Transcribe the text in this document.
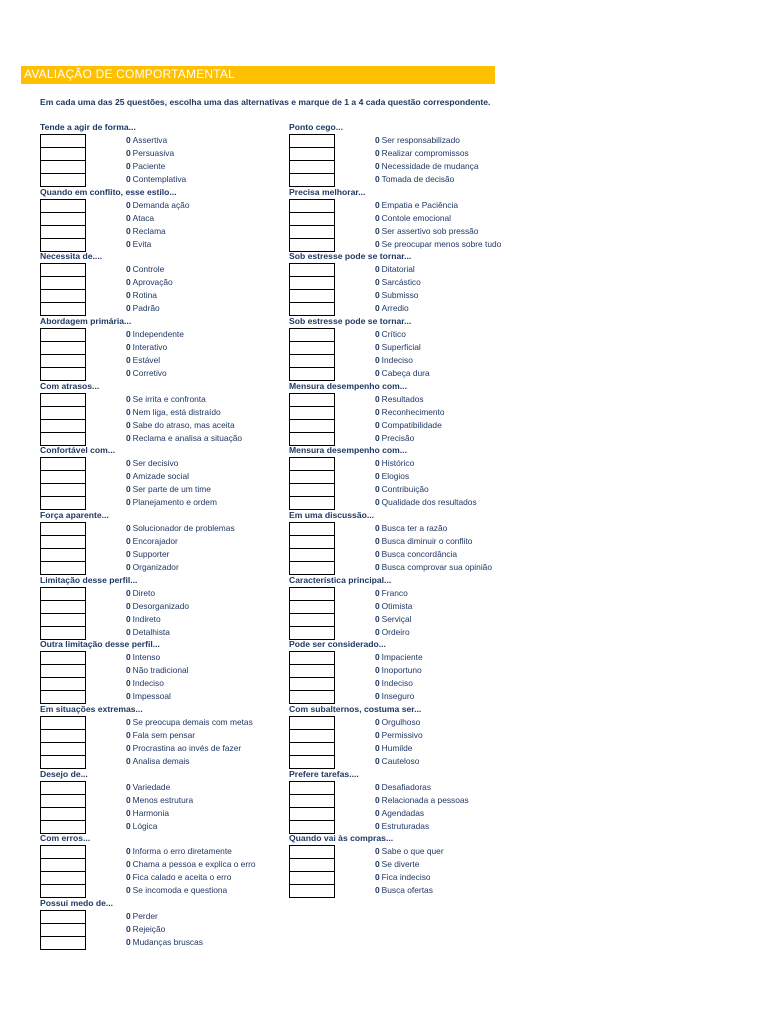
AVALIAÇÃO DE COMPORTAMENTAL
Em cada uma das 25 questões, escolha uma das alternativas e marque de 1 a 4 cada questão correspondente.
Tende a agir de forma...
0 Assertiva
0 Persuasiva
0 Paciente
0 Contemplativa
Quando em conflito, esse estilo...
0 Demanda ação
0 Ataca
0 Reclama
0 Evita
Necessita de....
0 Controle
0 Aprovação
0 Rotina
0 Padrão
Abordagem primária...
0 Independente
0 Interativo
0 Estável
0 Corretivo
Com atrasos...
0 Se irrita e confronta
0 Nem liga, está distraído
0 Sabe do atraso, mas aceita
0 Reclama e analisa a situação
Confortável com...
0 Ser decisivo
0 Amizade social
0 Ser parte de um time
0 Planejamento e ordem
Força aparente...
0 Solucionador de problemas
0 Encorajador
0 Supporter
0 Organizador
Limitação desse perfil...
0 Direto
0 Desorganizado
0 Indireto
0 Detalhista
Outra limitação desse perfil...
0 Intenso
0 Não tradicional
0 Indeciso
0 Impessoal
Em situações extremas...
0 Se preocupa demais com metas
0 Fala sem pensar
0 Procrastina ao invés de fazer
0 Analisa demais
Desejo de...
0 Variedade
0 Menos estrutura
0 Harmonia
0 Lógica
Com erros...
0 Informa o erro diretamente
0 Chama a pessoa e explica o erro
0 Fica calado e aceita o erro
0 Se incomoda e questiona
Possui medo de...
0 Perder
0 Rejeição
0 Mudanças bruscas
Ponto cego...
0 Ser responsabilizado
0 Realizar compromissos
0 Necessidade de mudança
0 Tomada de decisão
Precisa melhorar...
0 Empatia e Paciência
0 Contole emocional
0 Ser assertivo sob pressão
0 Se preocupar menos sobre tudo
Sob estresse pode se tornar...
0 Ditatorial
0 Sarcástico
0 Submisso
0 Arredio
Sob estresse pode se tornar...
0 Crítico
0 Superficial
0 Indeciso
0 Cabeça dura
Mensura desempenho com...
0 Resultados
0 Reconhecimento
0 Compatibilidade
0 Precisão
Mensura desempenho com...
0 Histórico
0 Elogios
0 Contribuição
0 Qualidade dos resultados
Em uma discussão...
0 Busca ter a razão
0 Busca diminuir o conflito
0 Busca concordância
0 Busca comprovar sua opinião
Característica principal...
0 Franco
0 Otimista
0 Serviçal
0 Ordeiro
Pode ser considerado...
0 Impaciente
0 Inoportuno
0 Indeciso
0 Inseguro
Com subalternos, costuma ser...
0 Orgulhoso
0 Permissivo
0 Humilde
0 Cauteloso
Prefere tarefas....
0 Desafiadoras
0 Relacionada a pessoas
0 Agendadas
0 Estruturadas
Quando vai às compras...
0 Sabe o que quer
0 Se diverte
0 Fica indeciso
0 Busca ofertas
